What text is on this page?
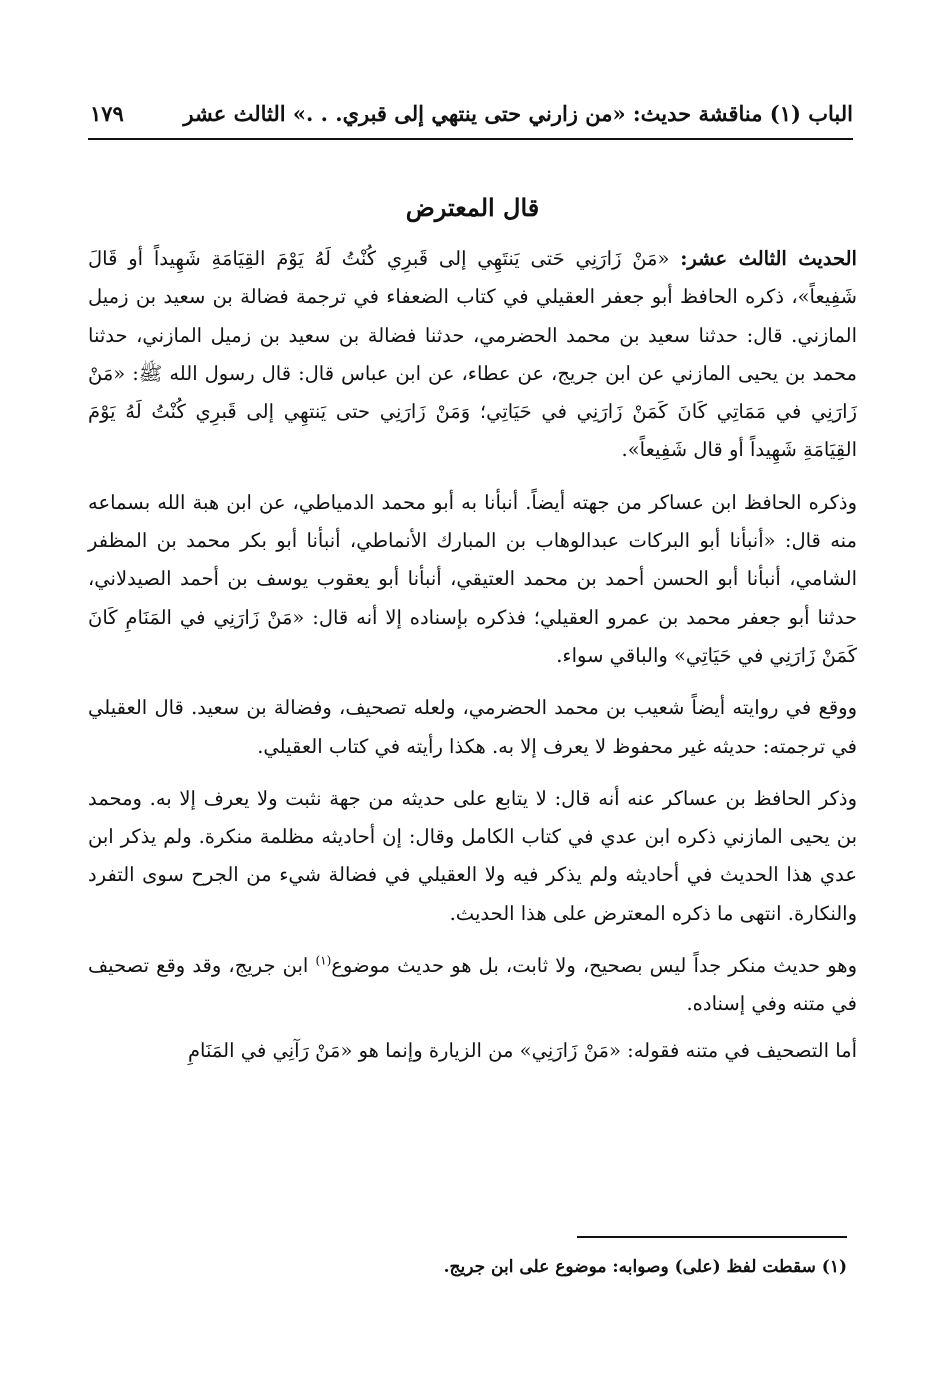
الباب (١) مناقشة حديث: «من زارني حتى ينتهي إلى قبري. . .» الثالث عشر
١٧٩
قال المعترض

الحديث الثالث عشر: «مَنْ زَارَنِي حَتى يَنتَهِي إلى قَبرِي كُنْتُ لَهُ يَوْمَ القِيَامَةِ شَهِيداً أو قَالَ شَفِيعاً»، ذكره الحافظ أبو جعفر العقيلي في كتاب الضعفاء في ترجمة فضالة بن سعيد بن زميل المازني. قال: حدثنا سعيد بن محمد الحضرمي، حدثنا فضالة بن سعيد بن زميل المازني، حدثنا محمد بن يحيى المازني عن ابن جريج، عن عطاء، عن ابن عباس قال: قال رسول الله ﷺ: «مَنْ زَارَنِي في مَمَاتِي كَانَ كَمَنْ زَارَنِي في حَيَاتِي؛ وَمَنْ زَارَنِي حتى يَنتهِي إلى قَبرِي كُنْتُ لَهُ يَوْمَ القِيَامَةِ شَهِيداً أو قال شَفِيعاً».

وذكره الحافظ ابن عساكر من جهته أيضاً. أنبأنا به أبو محمد الدمياطي، عن ابن هبة الله بسماعه منه قال: «أنبأنا أبو البركات عبدالوهاب بن المبارك الأنماطي، أنبأنا أبو بكر محمد بن المظفر الشامي، أنبأنا أبو الحسن أحمد بن محمد العتيقي، أنبأنا أبو يعقوب يوسف بن أحمد الصيدلاني، حدثنا أبو جعفر محمد بن عمرو العقيلي؛ فذكره بإسناده إلا أنه قال: «مَنْ زَارَنِي في المَنَامِ كَانَ كَمَنْ زَارَنِي في حَيَاتِي» والباقي سواء.

ووقع في روايته أيضاً شعيب بن محمد الحضرمي، ولعله تصحيف، وفضالة بن سعيد. قال العقيلي في ترجمته: حديثه غير محفوظ لا يعرف إلا به. هكذا رأيته في كتاب العقيلي.

وذكر الحافظ بن عساكر عنه أنه قال: لا يتابع على حديثه من جهة نثبت ولا يعرف إلا به. ومحمد بن يحيى المازني ذكره ابن عدي في كتاب الكامل وقال: إن أحاديثه مظلمة منكرة. ولم يذكر ابن عدي هذا الحديث في أحاديثه ولم يذكر فيه ولا العقيلي في فضالة شيء من الجرح سوى التفرد والنكارة. انتهى ما ذكره المعترض على هذا الحديث.

وهو حديث منكر جداً ليس بصحيح، ولا ثابت، بل هو حديث موضوع$^{(١)}$ ابن جريج، وقد وقع تصحيف في متنه وفي إسناده.

أما التصحيف في متنه فقوله: «مَنْ زَارَنِي» من الزيارة وإنما هو «مَنْ رَآنِي في المَنَامِ

(١) سقطت لفظ (على) وصوابه: موضوع على ابن جريج.
